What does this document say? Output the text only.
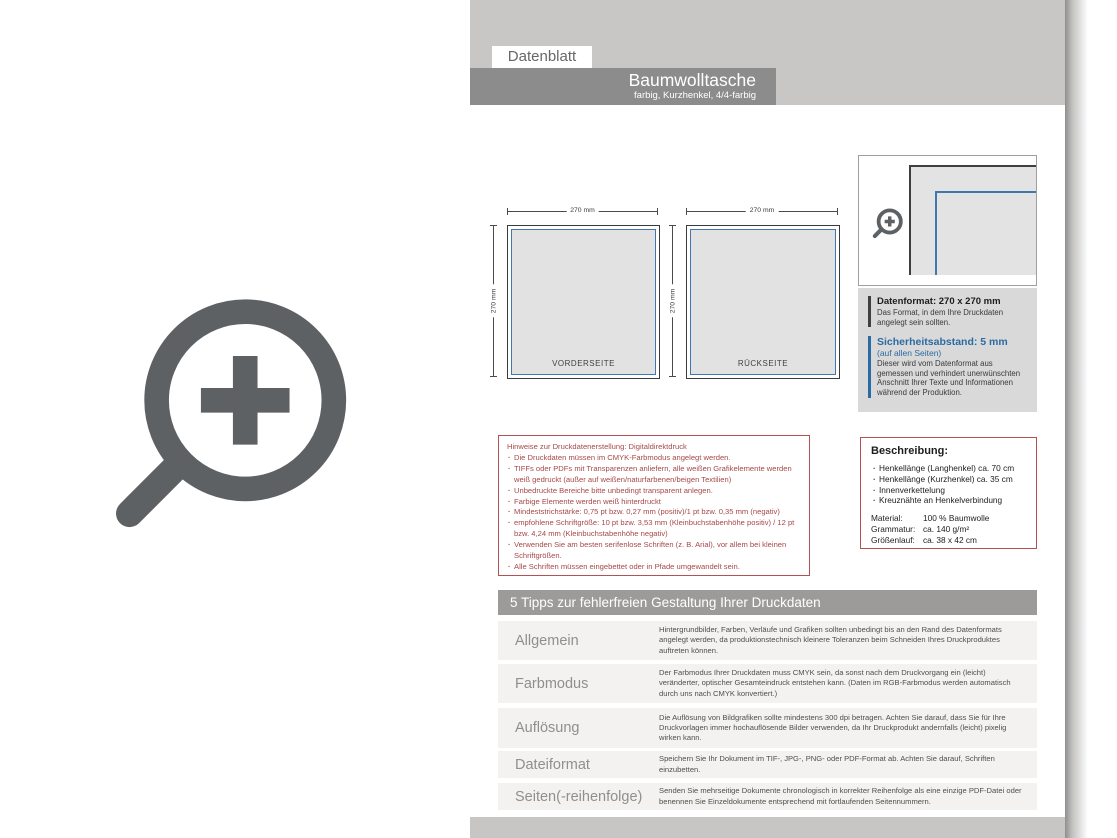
Datenblatt
Baumwolltasche
farbig, Kurzhenkel, 4/4-farbig
270 mm
270 mm
VORDERSEITE
270 mm
270 mm
RÜCKSEITE
Datenformat: 270 x 270 mm
Das Format, in dem Ihre Druckdaten angelegt sein sollten.
Sicherheitsabstand: 5 mm
(auf allen Seiten)
Dieser wird vom Datenformat aus gemessen und verhindert unerwünschten Anschnitt Ihrer Texte und Informationen während der Produktion.
Hinweise zur Druckdatenerstellung: Digitaldirektdruck
· Die Druckdaten müssen im CMYK-Farbmodus angelegt werden.
· TIFFs oder PDFs mit Transparenzen anliefern, alle weißen Grafikelemente werden weiß gedruckt (außer auf weißen/naturfarbenen/beigen Textilien)
· Unbedruckte Bereiche bitte unbedingt transparent anlegen.
· Farbige Elemente werden weiß hinterdruckt
· Mindeststrichstärke: 0,75 pt bzw. 0,27 mm (positiv)/1 pt bzw. 0,35 mm (negativ)
· empfohlene Schriftgröße: 10 pt bzw. 3,53 mm (Kleinbuchstabenhöhe positiv) / 12 pt bzw. 4,24 mm (Kleinbuchstabenhöhe negativ)
· Verwenden Sie am besten serifenlose Schriften (z. B. Arial), vor allem bei kleinen Schriftgrößen.
· Alle Schriften müssen eingebettet oder in Pfade umgewandelt sein.
Beschreibung:
· Henkellänge (Langhenkel) ca. 70 cm
· Henkellänge (Kurzhenkel) ca. 35 cm
· Innenverkettelung
· Kreuznähte an Henkelverbindung
Material: 100 % Baumwolle
Grammatur: ca. 140 g/m²
Größenlauf: ca. 38 x 42 cm
5 Tipps zur fehlerfreien Gestaltung Ihrer Druckdaten
Allgemein
Hintergrundbilder, Farben, Verläufe und Grafiken sollten unbedingt bis an den Rand des Datenformats angelegt werden, da produktionstechnisch kleinere Toleranzen beim Schneiden Ihres Druckproduktes auftreten können.
Farbmodus
Der Farbmodus Ihrer Druckdaten muss CMYK sein, da sonst nach dem Druckvorgang ein (leicht) veränderter, optischer Gesamteindruck entstehen kann. (Daten im RGB-Farbmodus werden automatisch durch uns nach CMYK konvertiert.)
Auflösung
Die Auflösung von Bildgrafiken sollte mindestens 300 dpi betragen. Achten Sie darauf, dass Sie für Ihre Druckvorlagen immer hochauflösende Bilder verwenden, da Ihr Druckprodukt andernfalls (leicht) pixelig wirken kann.
Dateiformat	Speichern Sie Ihr Dokument im TIF-, JPG-, PNG- oder PDF-Format ab. Achten Sie darauf, Schriften einzubetten.
Seiten(-reihenfolge)	Senden Sie mehrseitige Dokumente chronologisch in korrekter Reihenfolge als eine einzige PDF-Datei oder benennen Sie Einzeldokumente entsprechend mit fortlaufenden Seitennummern.
